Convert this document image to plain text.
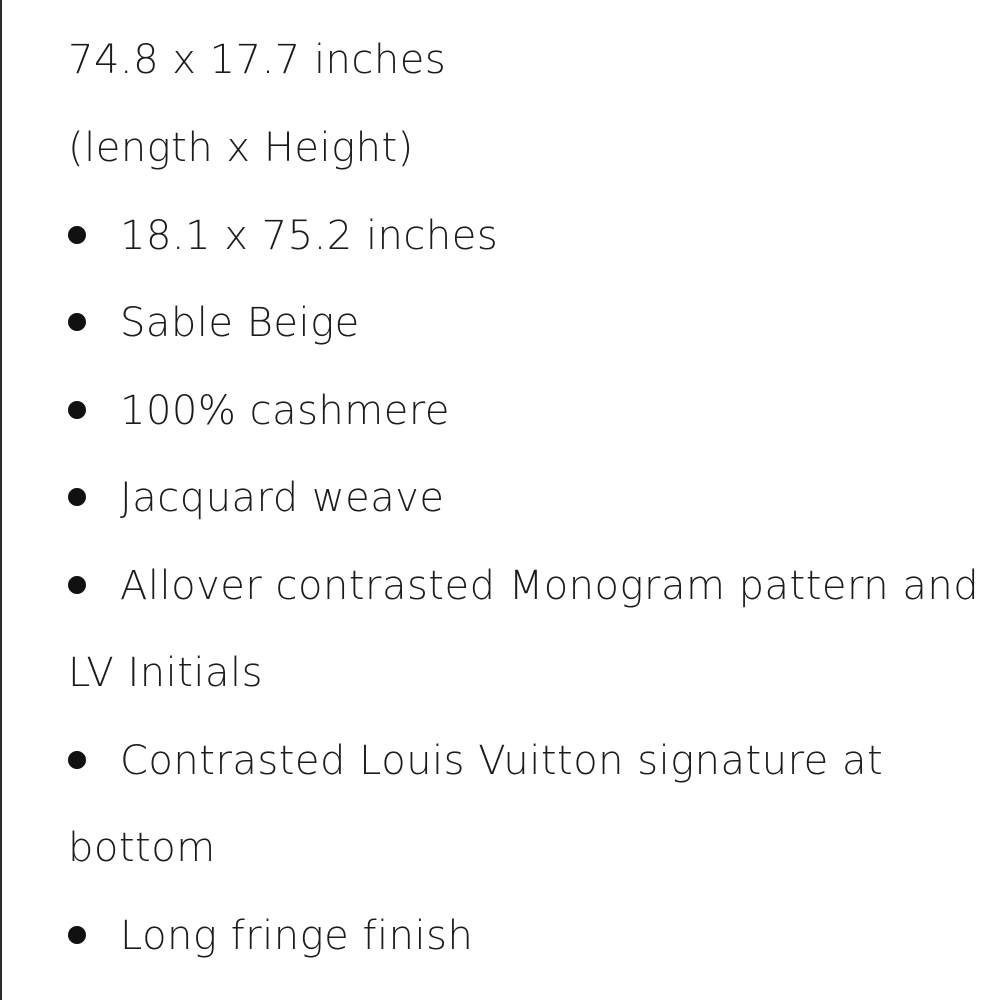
74.8 x 17.7 inches
(length x Height)
18.1 x 75.2 inches
Sable Beige
100% cashmere
Jacquard weave
Allover contrasted Monogram pattern and
LV Initials
Contrasted Louis Vuitton signature at
bottom
Long fringe finish
